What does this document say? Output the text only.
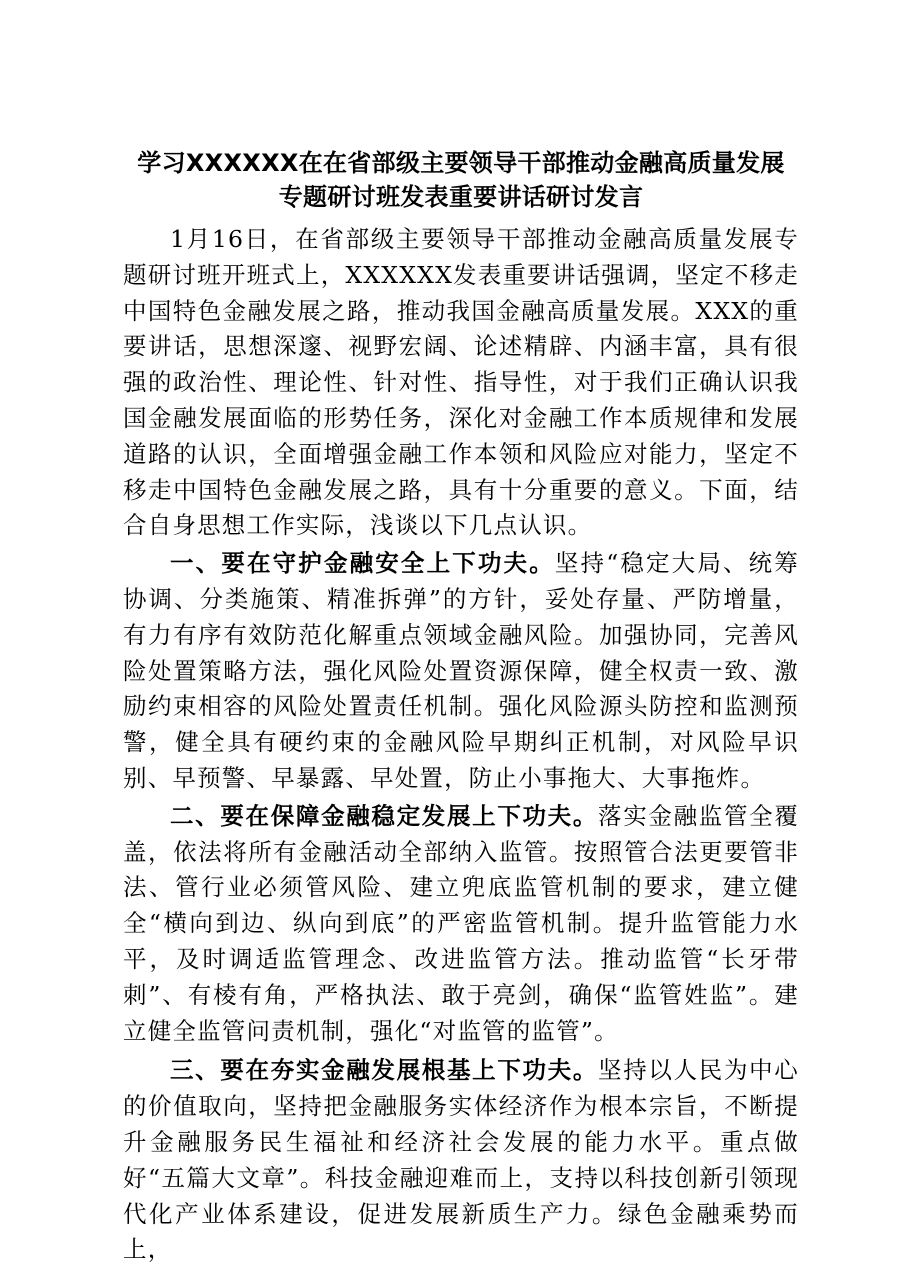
学习XXXXXX在在省部级主要领导干部推动金融高质量发展
专题研讨班发表重要讲话研讨发言

1月16日，在省部级主要领导干部推动金融高质量发展专题研讨班开班式上，XXXXXX发表重要讲话强调，坚定不移走中国特色金融发展之路，推动我国金融高质量发展。XXX的重要讲话，思想深邃、视野宏阔、论述精辟、内涵丰富，具有很强的政治性、理论性、针对性、指导性，对于我们正确认识我国金融发展面临的形势任务，深化对金融工作本质规律和发展道路的认识，全面增强金融工作本领和风险应对能力，坚定不移走中国特色金融发展之路，具有十分重要的意义。下面，结合自身思想工作实际，浅谈以下几点认识。

一、要在守护金融安全上下功夫。坚持“稳定大局、统筹协调、分类施策、精准拆弹”的方针，妥处存量、严防增量，有力有序有效防范化解重点领域金融风险。加强协同，完善风险处置策略方法，强化风险处置资源保障，健全权责一致、激励约束相容的风险处置责任机制。强化风险源头防控和监测预警，健全具有硬约束的金融风险早期纠正机制，对风险早识别、早预警、早暴露、早处置，防止小事拖大、大事拖炸。

二、要在保障金融稳定发展上下功夫。落实金融监管全覆盖，依法将所有金融活动全部纳入监管。按照管合法更要管非法、管行业必须管风险、建立兜底监管机制的要求，建立健全“横向到边、纵向到底”的严密监管机制。提升监管能力水平，及时调适监管理念、改进监管方法。推动监管“长牙带刺”、有棱有角，严格执法、敢于亮剑，确保“监管姓监”。建立健全监管问责机制，强化“对监管的监管”。

三、要在夯实金融发展根基上下功夫。坚持以人民为中心的价值取向，坚持把金融服务实体经济作为根本宗旨，不断提升金融服务民生福祉和经济社会发展的能力水平。重点做好“五篇大文章”。科技金融迎难而上，支持以科技创新引领现代化产业体系建设，促进发展新质生产力。绿色金融乘势而上，
